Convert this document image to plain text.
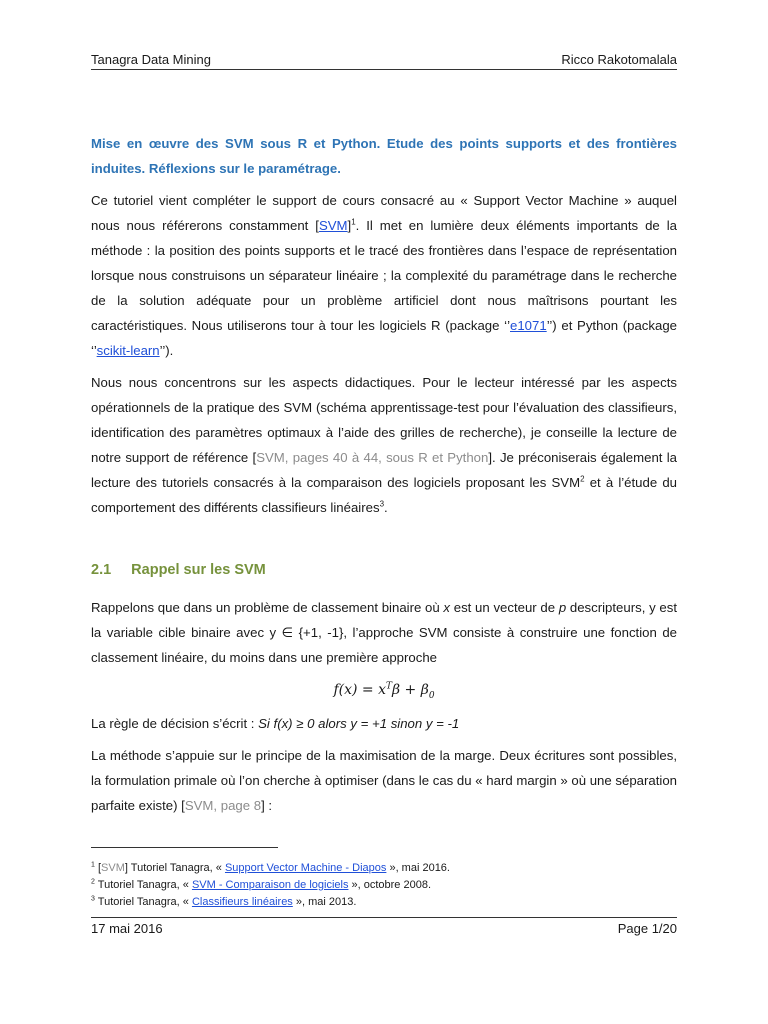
Tanagra Data Mining	Ricco Rakotomalala

Mise en œuvre des SVM sous R et Python. Etude des points supports et des frontières induites. Réflexions sur le paramétrage.

Ce tutoriel vient compléter le support de cours consacré au « Support Vector Machine » auquel nous nous référerons constamment [SVM]$^1$. Il met en lumière deux éléments importants de la méthode : la position des points supports et le tracé des frontières dans l’espace de représentation lorsque nous construisons un séparateur linéaire ; la complexité du paramétrage dans le recherche de la solution adéquate pour un problème artificiel dont nous maîtrisons pourtant les caractéristiques. Nous utiliserons tour à tour les logiciels R (package ‘’e1071’’) et Python (package ‘’scikit-learn’’).

Nous nous concentrons sur les aspects didactiques. Pour le lecteur intéressé par les aspects opérationnels de la pratique des SVM (schéma apprentissage-test pour l’évaluation des classifieurs, identification des paramètres optimaux à l’aide des grilles de recherche), je conseille la lecture de notre support de référence [SVM, pages 40 à 44, sous R et Python]. Je préconiserais également la lecture des tutoriels consacrés à la comparaison des logiciels proposant les SVM$^2$ et à l’étude du comportement des différents classifieurs linéaires$^3$.

2.1 Rappel sur les SVM

Rappelons que dans un problème de classement binaire où x est un vecteur de p descripteurs, y est la variable cible binaire avec y ∈ {+1, -1}, l’approche SVM consiste à construire une fonction de classement linéaire, du moins dans une première approche

$f(x) = x^T\beta + \beta_0$

La règle de décision s’écrit : Si f(x) ≥ 0 alors y = +1 sinon y = -1

La méthode s’appuie sur le principe de la maximisation de la marge. Deux écritures sont possibles, la formulation primale où l’on cherche à optimiser (dans le cas du « hard margin » où une séparation parfaite existe) [SVM, page 8] :

$^1$ [SVM] Tutoriel Tanagra, « Support Vector Machine - Diapos », mai 2016.
$^2$ Tutoriel Tanagra, « SVM - Comparaison de logiciels », octobre 2008.
$^3$ Tutoriel Tanagra, « Classifieurs linéaires », mai 2013.
17 mai 2016	Page 1/20
